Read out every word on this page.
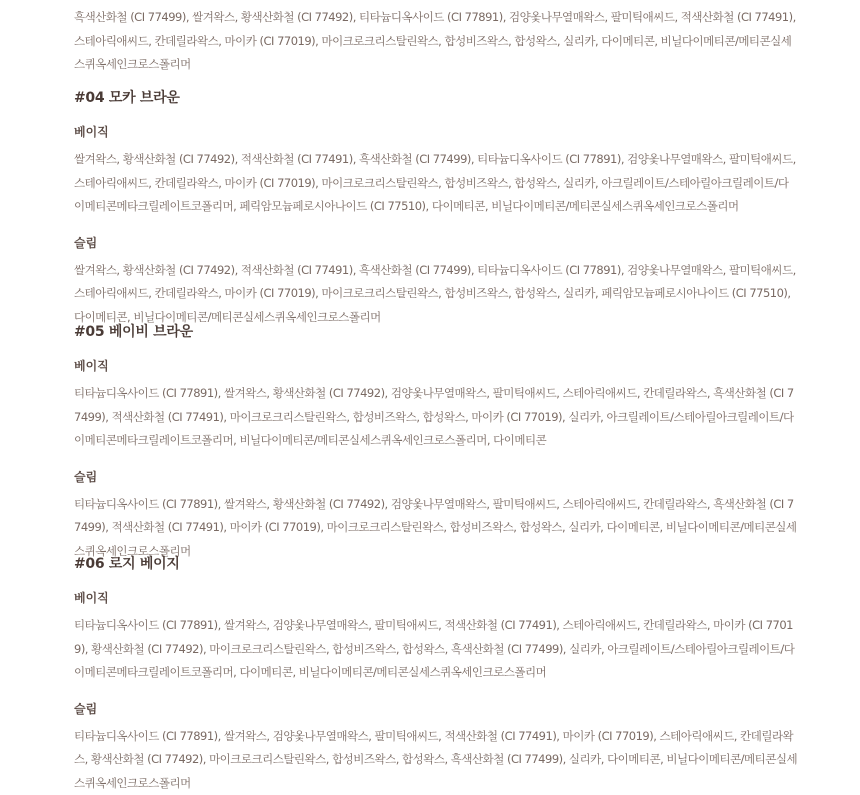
흑색산화철 (CI 77499), 쌀겨왁스, 황색산화철 (CI 77492), 티타늄디옥사이드 (CI 77891), 검양옻나무열매왁스, 팔미틱애씨드, 적색산화철 (CI 77491), 스테아릭애씨드, 칸데릴라왁스, 마이카 (CI 77019), 마이크로크리스탈린왁스, 합성비즈왁스, 합성왁스, 실리카, 다이메티콘, 비닐다이메티콘/메티콘실세스퀴옥세인크로스폴리머

#04 모카 브라운

베이직

쌀겨왁스, 황색산화철 (CI 77492), 적색산화철 (CI 77491), 흑색산화철 (CI 77499), 티타늄디옥사이드 (CI 77891), 검양옻나무열매왁스, 팔미틱애씨드, 스테아릭애씨드, 칸데릴라왁스, 마이카 (CI 77019), 마이크로크리스탈린왁스, 합성비즈왁스, 합성왁스, 실리카, 아크릴레이트/스테아릴아크릴레이트/다이메티콘메타크릴레이트코폴리머, 페릭암모늄페로시아나이드 (CI 77510), 다이메티콘, 비닐다이메티콘/메티콘실세스퀴옥세인크로스폴리머

슬림

쌀겨왁스, 황색산화철 (CI 77492), 적색산화철 (CI 77491), 흑색산화철 (CI 77499), 티타늄디옥사이드 (CI 77891), 검양옻나무열매왁스, 팔미틱애씨드, 스테아릭애씨드, 칸데릴라왁스, 마이카 (CI 77019), 마이크로크리스탈린왁스, 합성비즈왁스, 합성왁스, 실리카, 페릭암모늄페로시아나이드 (CI 77510), 다이메티콘, 비닐다이메티콘/메티콘실세스퀴옥세인크로스폴리머

#05 베이비 브라운

베이직

티타늄디옥사이드 (CI 77891), 쌀겨왁스, 황색산화철 (CI 77492), 검양옻나무열매왁스, 팔미틱애씨드, 스테아릭애씨드, 칸데릴라왁스, 흑색산화철 (CI 77499), 적색산화철 (CI 77491), 마이크로크리스탈린왁스, 합성비즈왁스, 합성왁스, 마이카 (CI 77019), 실리카, 아크릴레이트/스테아릴아크릴레이트/다이메티콘메타크릴레이트코폴리머, 비닐다이메티콘/메티콘실세스퀴옥세인크로스폴리머, 다이메티콘

슬림

티타늄디옥사이드 (CI 77891), 쌀겨왁스, 황색산화철 (CI 77492), 검양옻나무열매왁스, 팔미틱애씨드, 스테아릭애씨드, 칸데릴라왁스, 흑색산화철 (CI 77499), 적색산화철 (CI 77491), 마이카 (CI 77019), 마이크로크리스탈린왁스, 합성비즈왁스, 합성왁스, 실리카, 다이메티콘, 비닐다이메티콘/메티콘실세스퀴옥세인크로스폴리머

#06 로지 베이지

베이직

티타늄디옥사이드 (CI 77891), 쌀겨왁스, 검양옻나무열매왁스, 팔미틱애씨드, 적색산화철 (CI 77491), 스테아릭애씨드, 칸데릴라왁스, 마이카 (CI 77019), 황색산화철 (CI 77492), 마이크로크리스탈린왁스, 합성비즈왁스, 합성왁스, 흑색산화철 (CI 77499), 실리카, 아크릴레이트/스테아릴아크릴레이트/다이메티콘메타크릴레이트코폴리머, 다이메티콘, 비닐다이메티콘/메티콘실세스퀴옥세인크로스폴리머

슬림

티타늄디옥사이드 (CI 77891), 쌀겨왁스, 검양옻나무열매왁스, 팔미틱애씨드, 적색산화철 (CI 77491), 마이카 (CI 77019), 스테아릭애씨드, 칸데릴라왁스, 황색산화철 (CI 77492), 마이크로크리스탈린왁스, 합성비즈왁스, 합성왁스, 흑색산화철 (CI 77499), 실리카, 다이메티콘, 비닐다이메티콘/메티콘실세스퀴옥세인크로스폴리머
